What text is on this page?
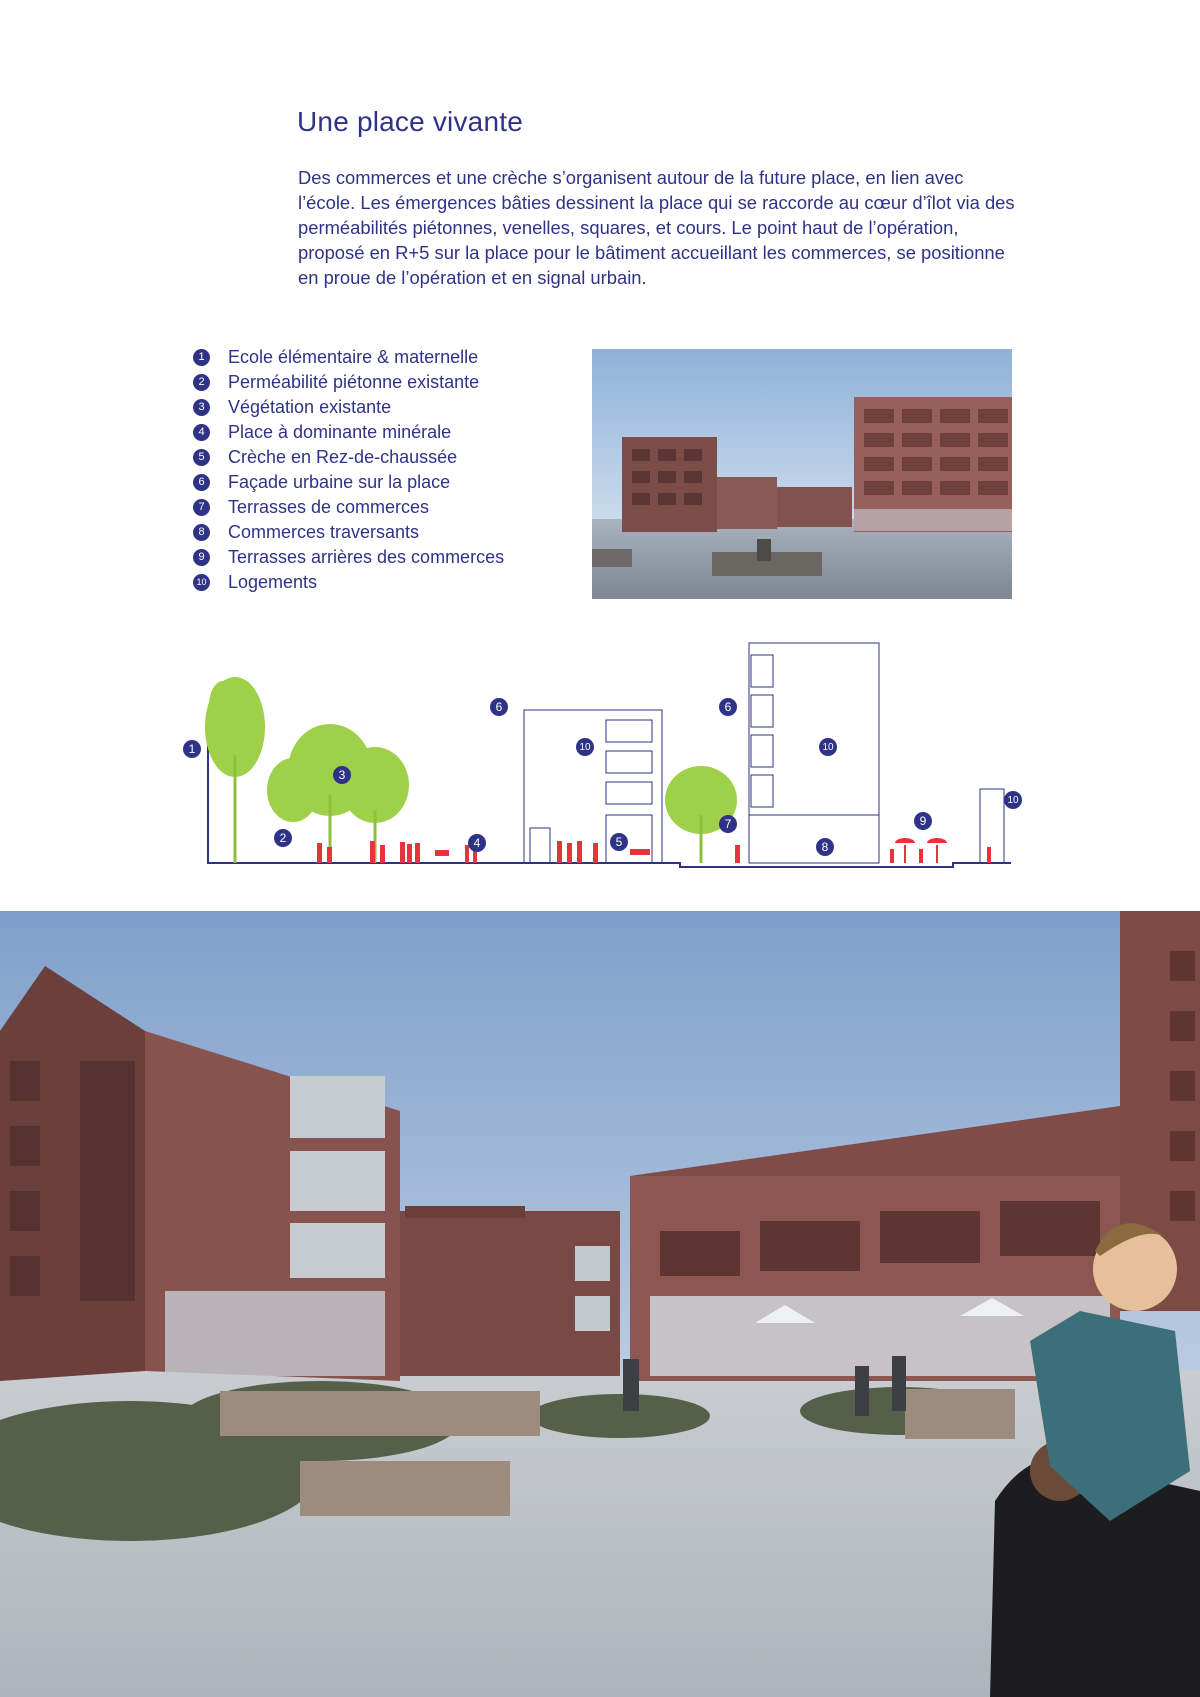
Une place vivante

Des commerces et une crèche s’organisent autour de la future place, en lien avec l’école. Les émergences bâties dessinent la place qui se raccorde au cœur d’îlot via des perméabilités piétonnes, venelles, squares, et cours. Le point haut de l’opération, proposé en R+5 sur la place pour le bâtiment accueillant les commerces, se positionne en proue de l’opération et en signal urbain.

1	Ecole élémentaire & maternelle
2	Perméabilité piétonne existante
3	Végétation existante
4	Place à dominante minérale
5	Crèche en Rez-de-chaussée
6	Façade urbaine sur la place
7	Terrasses de commerces
8	Commerces traversants
9	Terrasses arrières des commerces
10 Logements
1
2
3
4	5
6	6
7
8
9
10	10
10
